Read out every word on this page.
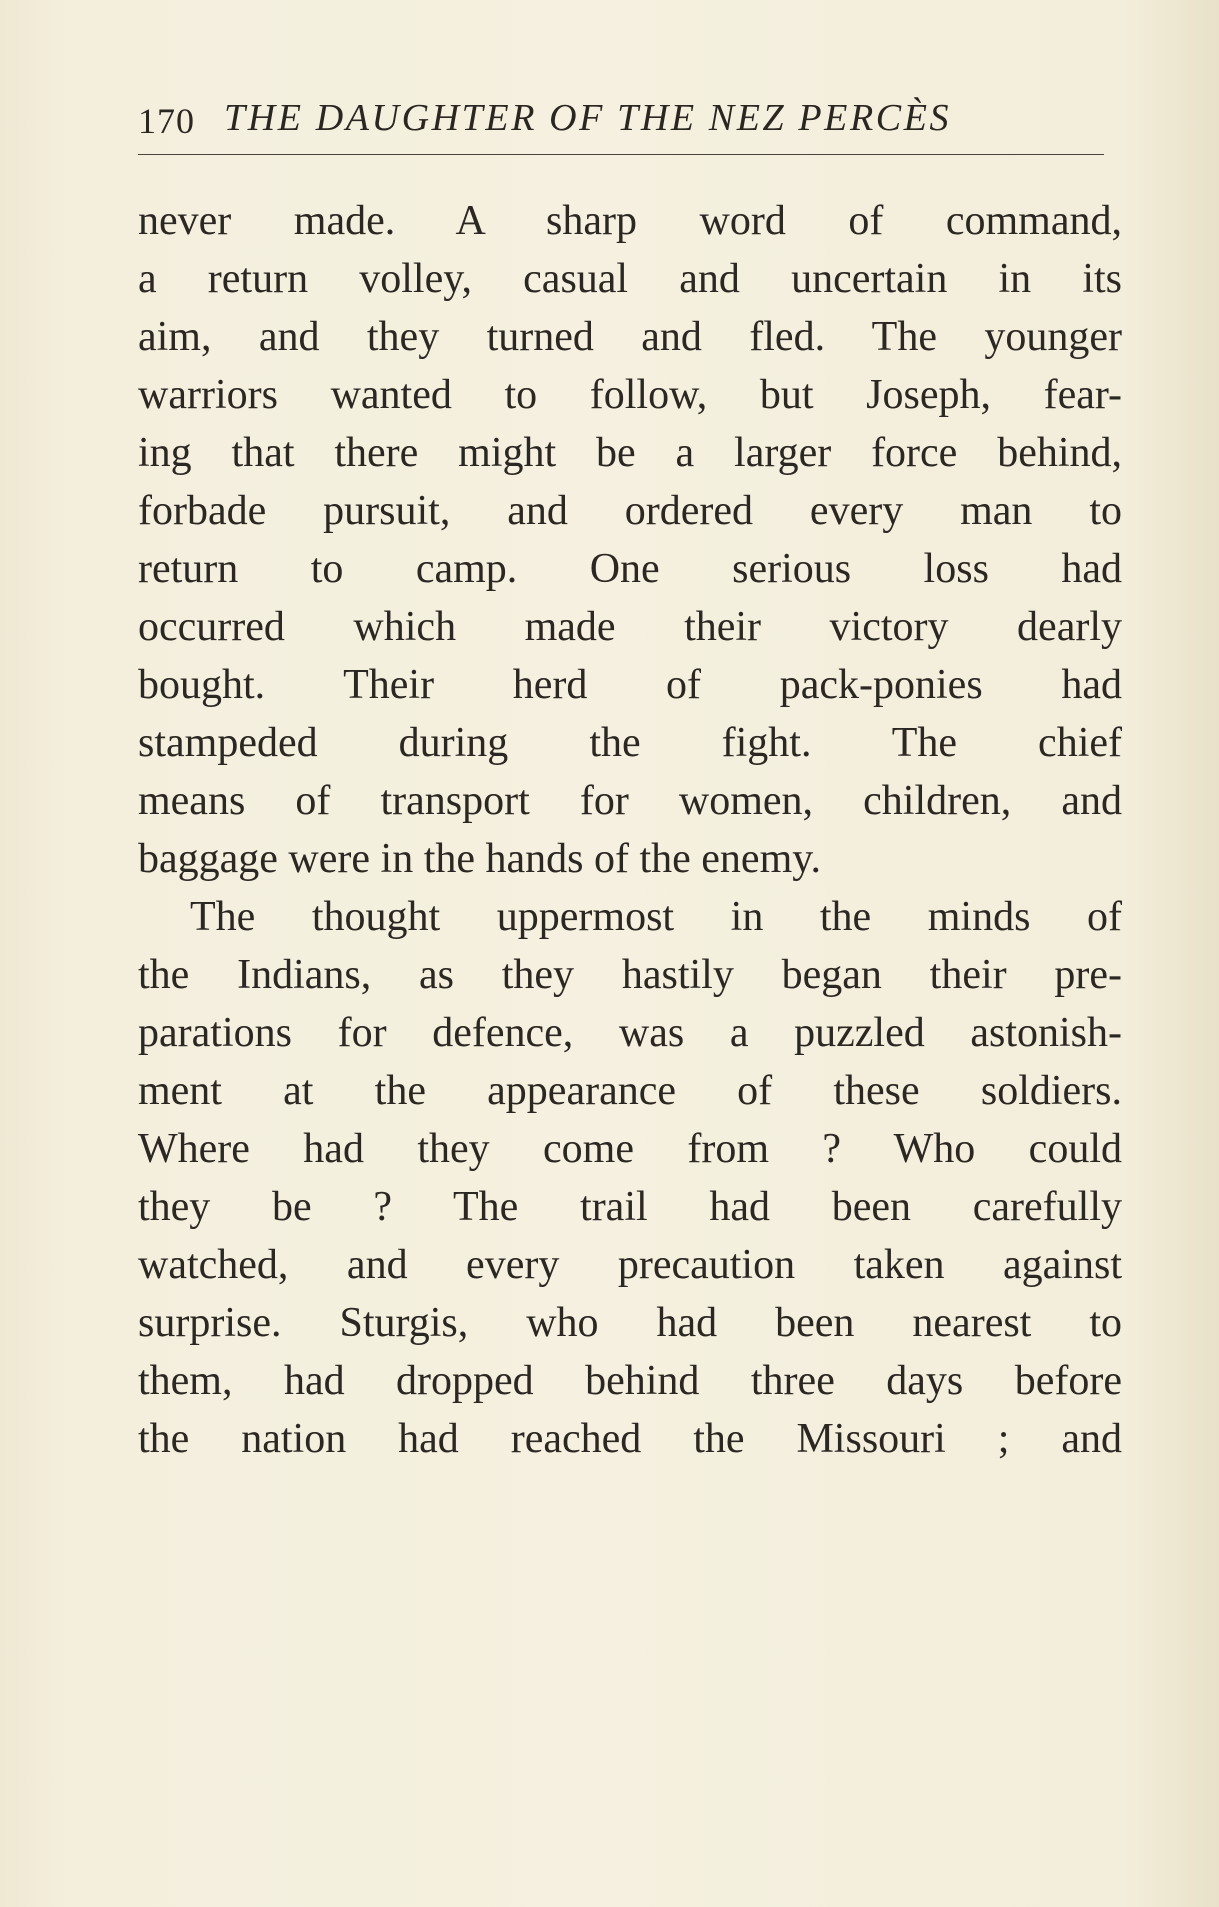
170 THE DAUGHTER OF THE NEZ PERCÈS
never made. A sharp word of command,
a return volley, casual and uncertain in its
aim, and they turned and fled. The younger
warriors wanted to follow, but Joseph, fear-
ing that there might be a larger force behind,
forbade pursuit, and ordered every man to
return to camp. One serious loss had
occurred which made their victory dearly
bought. Their herd of pack-ponies had
stampeded during the fight. The chief
means of transport for women, children, and
baggage were in the hands of the enemy.
The thought uppermost in the minds of
the Indians, as they hastily began their pre-
parations for defence, was a puzzled astonish-
ment at the appearance of these soldiers.
Where had they come from ? Who could
they be ? The trail had been carefully
watched, and every precaution taken against
surprise. Sturgis, who had been nearest to
them, had dropped behind three days before
the nation had reached the Missouri ; and
